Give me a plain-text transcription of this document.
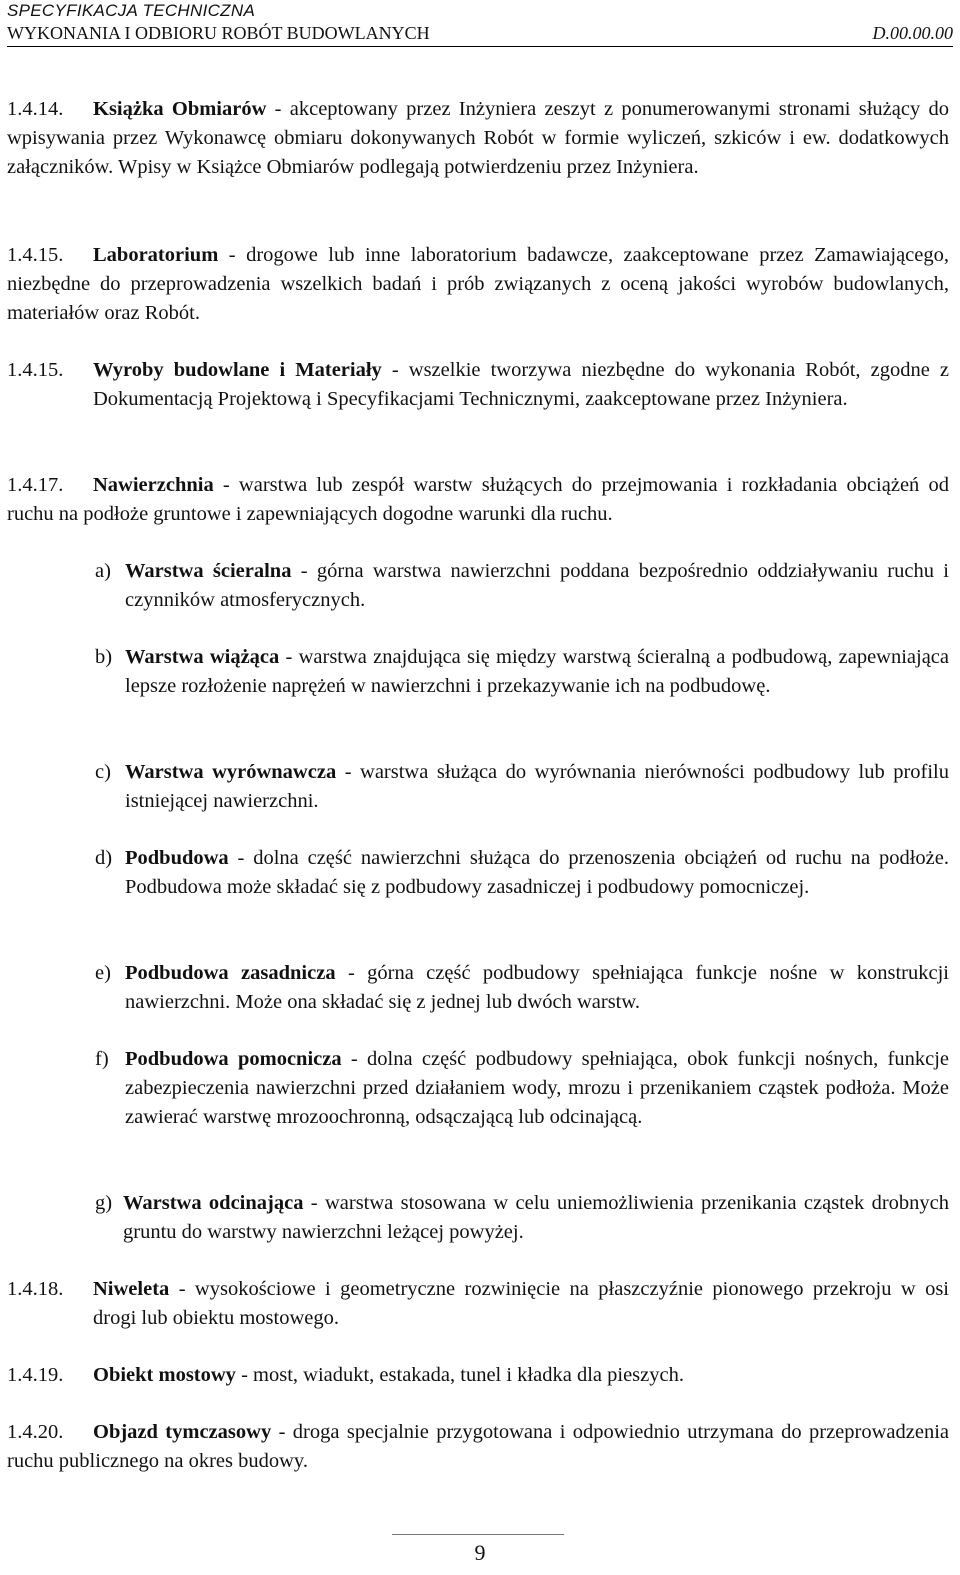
SPECYFIKACJA TECHNICZNA
WYKONANIA I ODBIORU ROBÓT BUDOWLANYCH	D.00.00.00
1.4.14.	Książka Obmiarów - akceptowany przez Inżyniera zeszyt z ponumerowanymi stronami służący do wpisywania przez Wykonawcę obmiaru dokonywanych Robót w formie wyliczeń, szkiców i ew. dodatkowych załączników. Wpisy w Książce Obmiarów podlegają potwierdzeniu przez Inżyniera.
1.4.15.	Laboratorium - drogowe lub inne laboratorium badawcze, zaakceptowane przez Zamawiającego, niezbędne do przeprowadzenia wszelkich badań i prób związanych z oceną jakości wyrobów budowlanych, materiałów oraz Robót.
1.4.15. Wyroby budowlane i Materiały - wszelkie tworzywa niezbędne do wykonania Robót, zgodne z Dokumentacją Projektową i Specyfikacjami Technicznymi, zaakceptowane przez Inżyniera.
1.4.17.	Nawierzchnia - warstwa lub zespół warstw służących do przejmowania i rozkładania obciążeń od ruchu na podłoże gruntowe i zapewniających dogodne warunki dla ruchu.
a) Warstwa ścieralna - górna warstwa nawierzchni poddana bezpośrednio oddziaływaniu ruchu i czynników atmosferycznych.
b) Warstwa wiążąca - warstwa znajdująca się między warstwą ścieralną a podbudową, zapewniająca lepsze rozłożenie naprężeń w nawierzchni i przekazywanie ich na podbudowę.
c) Warstwa wyrównawcza - warstwa służąca do wyrównania nierówności podbudowy lub profilu istniejącej nawierzchni.
d) Podbudowa - dolna część nawierzchni służąca do przenoszenia obciążeń od ruchu na podłoże. Podbudowa może składać się z podbudowy zasadniczej i podbudowy pomocniczej.
e) Podbudowa zasadnicza - górna część podbudowy spełniająca funkcje nośne w konstrukcji nawierzchni. Może ona składać się z jednej lub dwóch warstw.
f) Podbudowa pomocnicza - dolna część podbudowy spełniająca, obok funkcji nośnych, funkcje zabezpieczenia nawierzchni przed działaniem wody, mrozu i przenikaniem cząstek podłoża. Może zawierać warstwę mrozoochronną, odsączającą lub odcinającą.
g) Warstwa odcinająca - warstwa stosowana w celu uniemożliwienia przenikania cząstek drobnych gruntu do warstwy nawierzchni leżącej powyżej.
1.4.18. Niweleta - wysokościowe i geometryczne rozwinięcie na płaszczyźnie pionowego przekroju w osi drogi lub obiektu mostowego.
1.4.19. Obiekt mostowy - most, wiadukt, estakada, tunel i kładka dla pieszych.
1.4.20.	Objazd tymczasowy - droga specjalnie przygotowana i odpowiednio utrzymana do przeprowadzenia ruchu publicznego na okres budowy.
9
